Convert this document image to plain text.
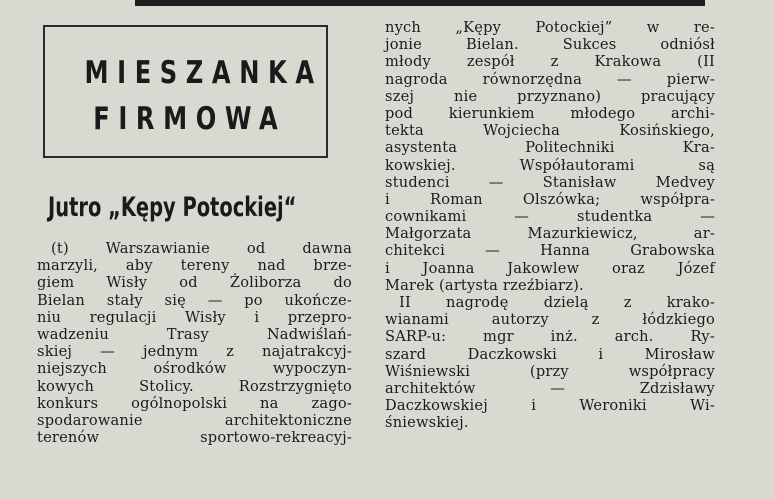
MIESZANKA
FIRMOWA
Jutro „Kępy Potockiej“
(t) Warszawianie od dawna
marzyli, aby tereny nad brze-
giem Wisły od Żoliborza do
Bielan stały się — po ukończe-
niu regulacji Wisły i przepro-
wadzeniu Trasy Nadwiślań-
skiej — jednym z najatrakcyj-
niejszych ośrodków wypoczyn-
kowych Stolicy. Rozstrzygnięto
konkurs ogólnopolski na zago-
spodarowanie architektoniczne
terenów sportowo-rekreacyj-
nych „Kępy Potockiej” w re-
jonie Bielan. Sukces odniósł
młody zespół z Krakowa (II
nagroda równorzędna — pierw-
szej nie przyznano) pracujący
pod kierunkiem młodego archi-
tekta Wojciecha Kosińskiego,
asystenta Politechniki Kra-
kowskiej. Współautorami są
studenci — Stanisław Medvey
i Roman Olszówka; współpra-
cownikami — studentka —
Małgorzata Mazurkiewicz, ar-
chitekci — Hanna Grabowska
i Joanna Jakowlew oraz Józef
Marek (artysta rzeźbiarz).
II nagrodę dzielą z krako-
wianami autorzy z łódzkiego
SARP-u: mgr inż. arch. Ry-
szard Daczkowski i Mirosław
Wiśniewski (przy współpracy
architektów — Zdzisławy
Daczkowskiej i Weroniki Wi-
śniewskiej.
